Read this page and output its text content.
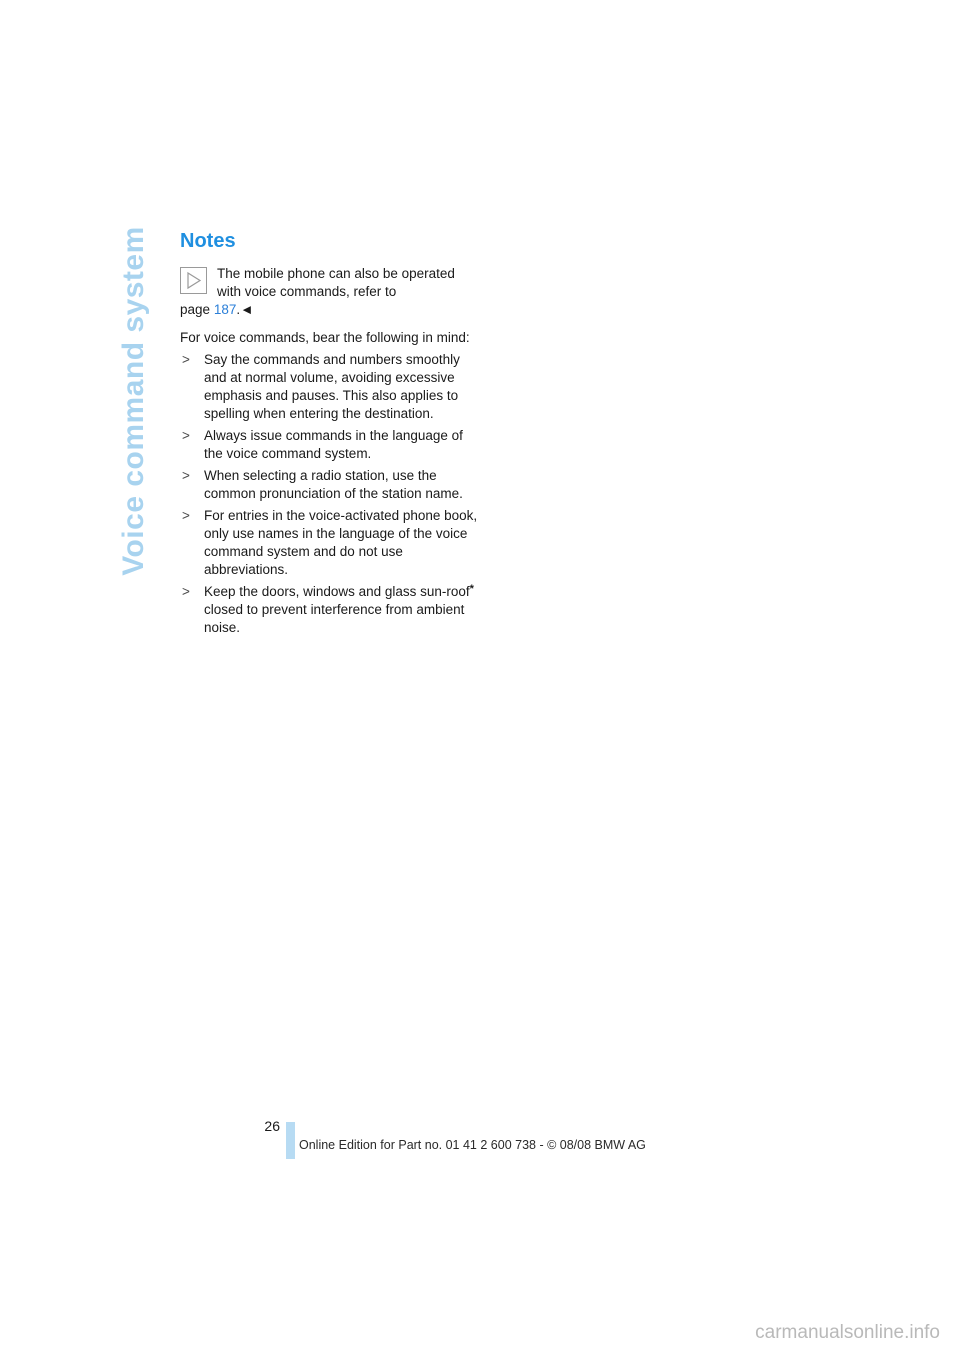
Voice command system Notes
The mobile phone can also be operated with voice commands, refer to
page 187.◄

For voice commands, bear the following in mind:

> Say the commands and numbers smoothly and at normal volume, avoiding excessive emphasis and pauses. This also applies to spelling when entering the destination.
> Always issue commands in the language of the voice command system.
> When selecting a radio station, use the common pronunciation of the station name.
> For entries in the voice-activated phone book, only use names in the language of the voice command system and do not use abbreviations.
> Keep the doors, windows and glass sun-roof* closed to prevent interference from ambient noise.
26
Online Edition for Part no. 01 41 2 600 738 - © 08/08 BMW AG
carmanualsonline.info
